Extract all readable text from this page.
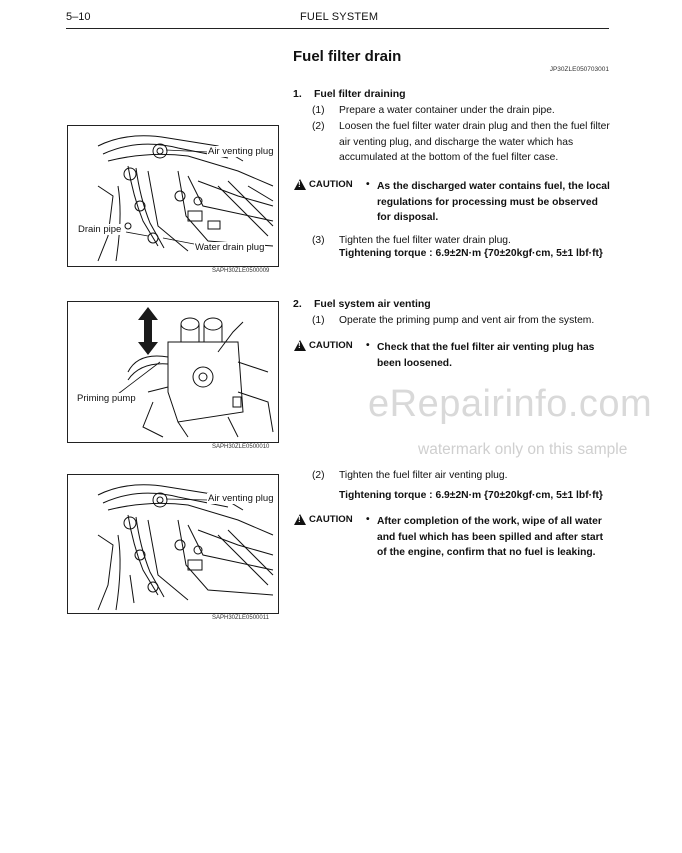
5–10	FUEL SYSTEM
Fuel filter drain
JP30ZLE050703001
1. Fuel filter draining
(1) Prepare a water container under the drain pipe.
(2) Loosen the fuel filter water drain plug and then the fuel filter air venting plug, and discharge the water which has accumulated at the bottom of the fuel filter case.
!
CAUTION • As the discharged water contains fuel, the local regulations for processing must be observed for disposal.
(3) Tighten the fuel filter water drain plug.
Tightening torque : 6.9±2N·m {70±20kgf·cm, 5±1 lbf·ft}
2. Fuel system air venting
(1) Operate the priming pump and vent air from the system.
!
CAUTION • Check that the fuel filter air venting plug has been loosened.
(2) Tighten the fuel filter air venting plug.
Tightening torque : 6.9±2N·m {70±20kgf·cm, 5±1 lbf·ft}
!
CAUTION • After completion of the work, wipe of all water and fuel which has been spilled and after start of the engine, confirm that no fuel is leaking.
Air venting plug
Drain pipe
Water drain plug
SAPH30ZLE0500009
Priming pump
SAPH30ZLE0500010
Air venting plug
SAPH30ZLE0500011
eRepairinfo.com
watermark only on this sample
